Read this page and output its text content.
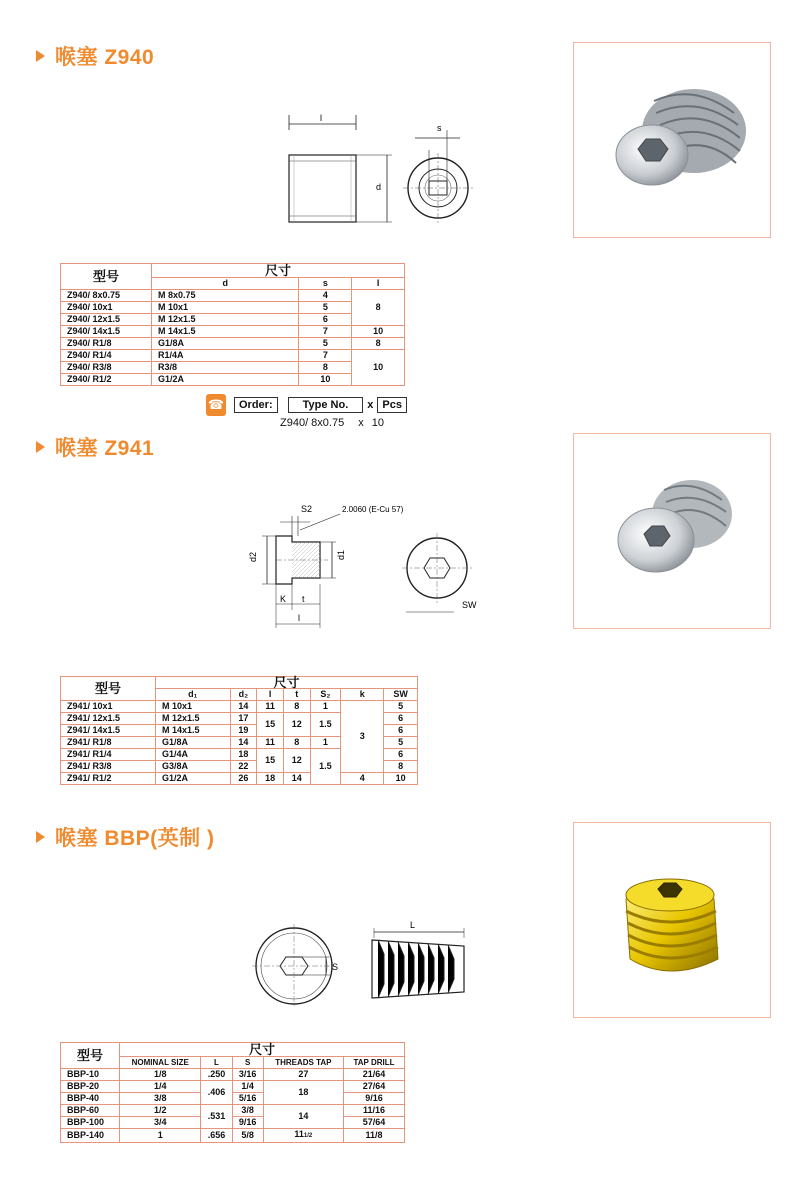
喉塞 Z940
l
d
s
型号	尺寸		
	d	s	l
Z940/ 8x0.75	M 8x0.75	4	8
Z940/ 10x1	M 10x1	5	
Z940/ 12x1.5	M 12x1.5	6	
Z940/ 14x1.5	M 14x1.5	7	10
Z940/ R1/8	G1/8A	5	8
Z940/ R1/4	R1/4A	7	10
Z940/ R3/8	R3/8	8	
Z940/ R1/2	G1/2A	10	
☎	Order:	Type No.	x Pcs
Z940/ 8x0.75 x 10
喉塞 Z941
S2	2.0060 (E-Cu 57)
d2	d1
K t
l
SW
型号	尺寸						
	d₁	d₂	l	t	S₂	k	SW
Z941/ 10x1	M 10x1	14	11	8	1	3	5
Z941/ 12x1.5	M 12x1.5	17	15	12	1.5		6
Z941/ 14x1.5	M 14x1.5	19					6
Z941/ R1/8	G1/8A	14	11	8	1		5
Z941/ R1/4	G1/4A	18	15	12	1.5		6
Z941/ R3/8	G3/8A	22					8
Z941/ R1/2	G1/2A	26	18	14		4	10
喉塞 BBP(英制 )
S
L
型号	尺寸				
	NOMINAL SIZE	L	S	THREADS TAP	TAP DRILL
BBP-10	1/8	.250	3/16	27	21/64
BBP-20	1/4	.406	1/4	18	27/64
BBP-40	3/8		5/16		9/16
BBP-60	1/2	.531	3/8	14	11/16
BBP-100	3/4		9/16		57/64
BBP-140	1	.656	5/8	111/2	11/8
